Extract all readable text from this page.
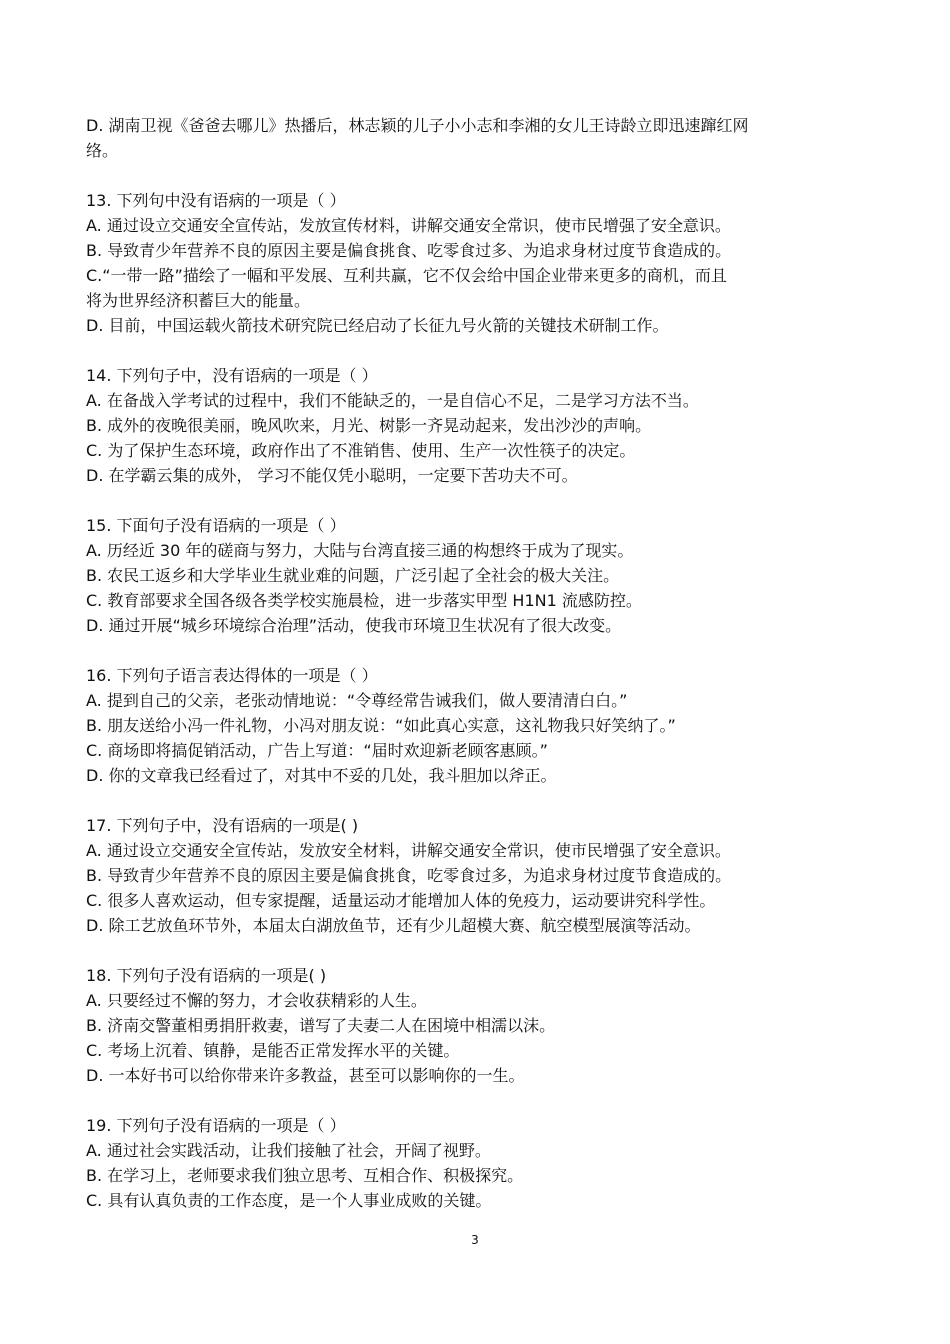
D. 湖南卫视《爸爸去哪儿》热播后，林志颖的儿子小小志和李湘的女儿王诗龄立即迅速蹿红网
络。
13. 下列句中没有语病的一项是（ ）
A. 通过设立交通安全宣传站，发放宣传材料，讲解交通安全常识，使市民增强了安全意识。
B. 导致青少年营养不良的原因主要是偏食挑食、吃零食过多、为追求身材过度节食造成的。
C.“一带一路”描绘了一幅和平发展、互利共赢，它不仅会给中国企业带来更多的商机，而且
将为世界经济积蓄巨大的能量。
D. 目前，中国运载火箭技术研究院已经启动了长征九号火箭的关键技术研制工作。
14. 下列句子中，没有语病的一项是（ ）
A. 在备战入学考试的过程中，我们不能缺乏的，一是自信心不足，二是学习方法不当。
B. 成外的夜晚很美丽，晚风吹来，月光、树影一齐晃动起来，发出沙沙的声响。
C. 为了保护生态环境，政府作出了不准销售、使用、生产一次性筷子的决定。
D. 在学霸云集的成外， 学习不能仅凭小聪明，一定要下苦功夫不可。
15. 下面句子没有语病的一项是（ ）
A. 历经近 30 年的磋商与努力，大陆与台湾直接三通的构想终于成为了现实。
B. 农民工返乡和大学毕业生就业难的问题，广泛引起了全社会的极大关注。
C. 教育部要求全国各级各类学校实施晨检，进一步落实甲型 H1N1 流感防控。
D. 通过开展“城乡环境综合治理”活动，使我市环境卫生状况有了很大改变。
16. 下列句子语言表达得体的一项是（ ）
A. 提到自己的父亲，老张动情地说：“令尊经常告诫我们，做人要清清白白。”
B. 朋友送给小冯一件礼物，小冯对朋友说：“如此真心实意，这礼物我只好笑纳了。”
C. 商场即将搞促销活动，广告上写道：“届时欢迎新老顾客惠顾。”
D. 你的文章我已经看过了，对其中不妥的几处，我斗胆加以斧正。
17. 下列句子中，没有语病的一项是( )
A. 通过设立交通安全宣传站，发放安全材料，讲解交通安全常识，使市民增强了安全意识。
B. 导致青少年营养不良的原因主要是偏食挑食，吃零食过多，为追求身材过度节食造成的。
C. 很多人喜欢运动，但专家提醒，适量运动才能增加人体的免疫力，运动要讲究科学性。
D. 除工艺放鱼环节外，本届太白湖放鱼节，还有少儿超模大赛、航空模型展演等活动。
18. 下列句子没有语病的一项是( )
A. 只要经过不懈的努力，才会收获精彩的人生。
B. 济南交警董相勇捐肝救妻，谱写了夫妻二人在困境中相濡以沫。
C. 考场上沉着、镇静，是能否正常发挥水平的关键。
D. 一本好书可以给你带来许多教益，甚至可以影响你的一生。
19. 下列句子没有语病的一项是（ ）
A. 通过社会实践活动，让我们接触了社会，开阔了视野。
B. 在学习上，老师要求我们独立思考、互相合作、积极探究。
C. 具有认真负责的工作态度，是一个人事业成败的关键。
3
